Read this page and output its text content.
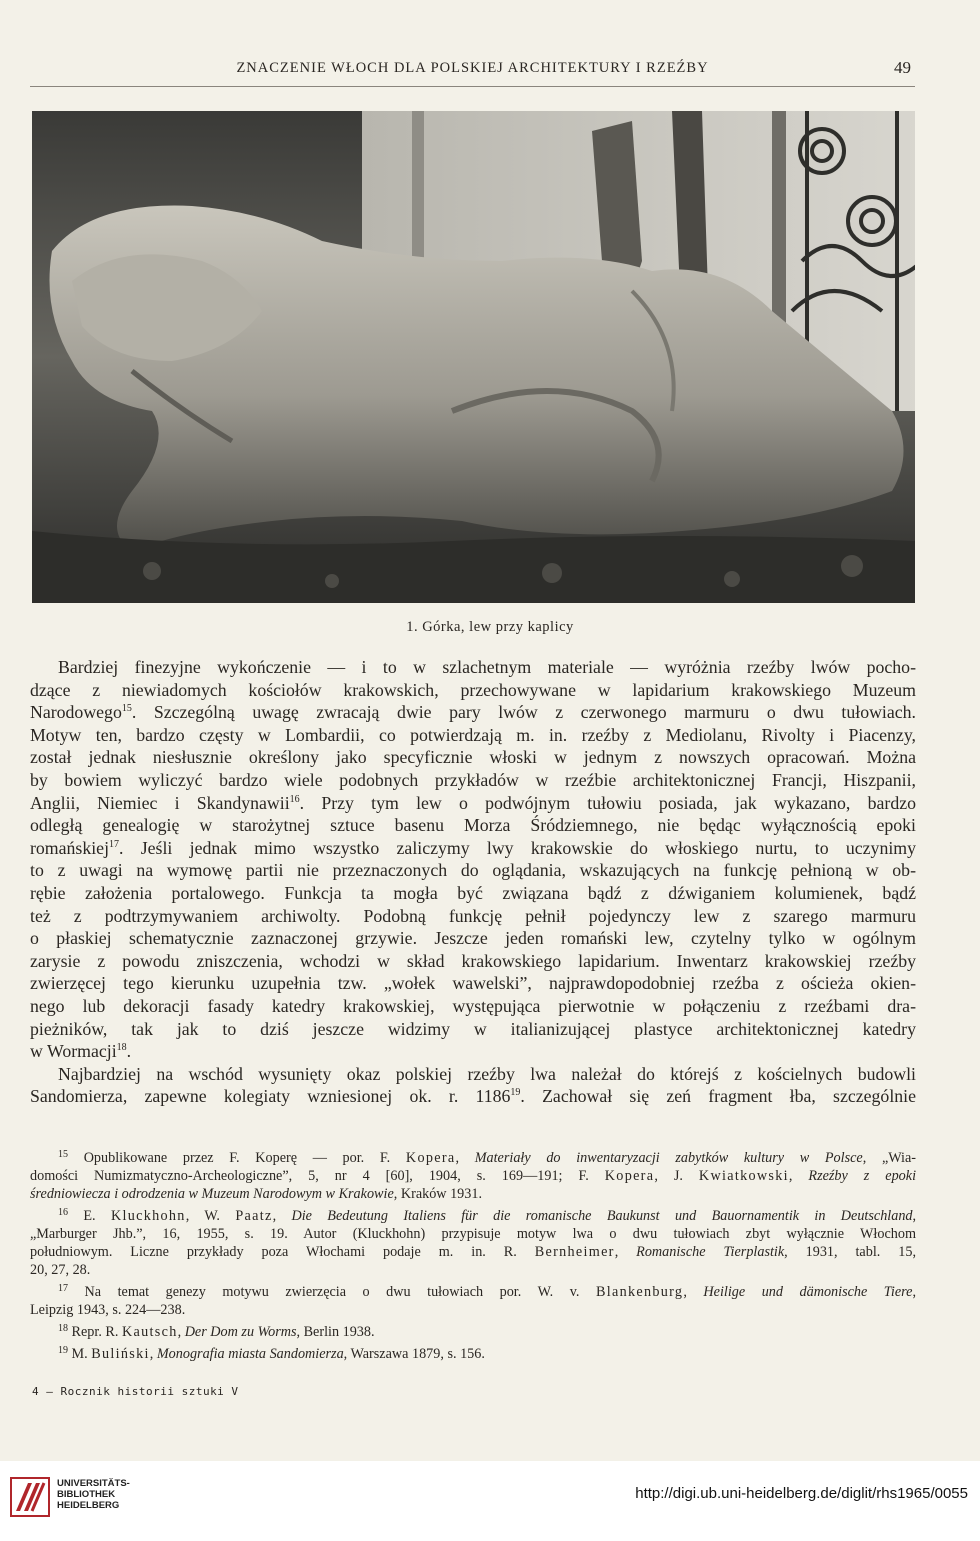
ZNACZENIE WŁOCH DLA POLSKIEJ ARCHITEKTURY I RZEŹBY	49
1. Górka, lew przy kaplicy

Bardziej finezyjne wykończenie — i to w szlachetnym materiale — wyróżnia rzeźby lwów pocho-
dzące z niewiadomych kościołów krakowskich, przechowywane w lapidarium krakowskiego Muzeum
Narodowego$^{15}$. Szczególną uwagę zwracają dwie pary lwów z czerwonego marmuru o dwu tułowiach.
Motyw ten, bardzo częsty w Lombardii, co potwierdzają m. in. rzeźby z Mediolanu, Rivolty i Piacenzy,
został jednak niesłusznie określony jako specyficznie włoski w jednym z nowszych opracowań. Można
by bowiem wyliczyć bardzo wiele podobnych przykładów w rzeźbie architektonicznej Francji, Hiszpanii,
Anglii, Niemiec i Skandynawii$^{16}$. Przy tym lew o podwójnym tułowiu posiada, jak wykazano, bardzo
odległą genealogię w starożytnej sztuce basenu Morza Śródziemnego, nie będąc wyłącznością epoki
romańskiej$^{17}$. Jeśli jednak mimo wszystko zaliczymy lwy krakowskie do włoskiego nurtu, to uczynimy
to z uwagi na wymowę partii nie przeznaczonych do oglądania, wskazujących na funkcję pełnioną w ob-
rębie założenia portalowego. Funkcja ta mogła być związana bądź z dźwiganiem kolumienek, bądź
też z podtrzymywaniem archiwolty. Podobną funkcję pełnił pojedynczy lew z szarego marmuru
o płaskiej schematycznie zaznaczonej grzywie. Jeszcze jeden romański lew, czytelny tylko w ogólnym
zarysie z powodu zniszczenia, wchodzi w skład krakowskiego lapidarium. Inwentarz krakowskiej rzeźby
zwierzęcej tego kierunku uzupełnia tzw. „wołek wawelski”, najprawdopodobniej rzeźba z ościeża okien-
nego lub dekoracji fasady katedry krakowskiej, występująca pierwotnie w połączeniu z rzeźbami dra-
pieżników, tak jak to dziś jeszcze widzimy w italianizującej plastyce architektonicznej katedry
w Wormacji$^{18}$.

Najbardziej na wschód wysunięty okaz polskiej rzeźby lwa należał do którejś z kościelnych budowli
Sandomierza, zapewne kolegiaty wzniesionej ok. r. 1186$^{19}$. Zachował się zeń fragment łba, szczególnie

$^{15}$ Opublikowane przez F. Koperę — por. F. Kopera, Materiały do inwentaryzacji zabytków kultury w Polsce, „Wia-
domości Numizmatyczno-Archeologiczne”, 5, nr 4 [60], 1904, s. 169—191; F. Kopera, J. Kwiatkowski, Rzeźby z epoki
średniowiecza i odrodzenia w Muzeum Narodowym w Krakowie, Kraków 1931.
$^{16}$ E. Kluckhohn, W. Paatz, Die Bedeutung Italiens für die romanische Baukunst und Bauornamentik in Deutschland,
„Marburger Jhb.”, 16, 1955, s. 19. Autor (Kluckhohn) przypisuje motyw lwa o dwu tułowiach zbyt wyłącznie Włochom
południowym. Liczne przykłady poza Włochami podaje m. in. R. Bernheimer, Romanische Tierplastik, 1931, tabl. 15,
20, 27, 28.
$^{17}$ Na temat genezy motywu zwierzęcia o dwu tułowiach por. W. v. Blankenburg, Heilige und dämonische Tiere,
Leipzig 1943, s. 224—238.
$^{18}$ Repr. R. Kautsch, Der Dom zu Worms, Berlin 1938.
$^{19}$ M. Buliński, Monografia miasta Sandomierza, Warszawa 1879, s. 156.
4 — Rocznik historii sztuki V
UNIVERSITÄTS-
BIBLIOTHEK
HEIDELBERG
http://digi.ub.uni-heidelberg.de/diglit/rhs1965/0055
